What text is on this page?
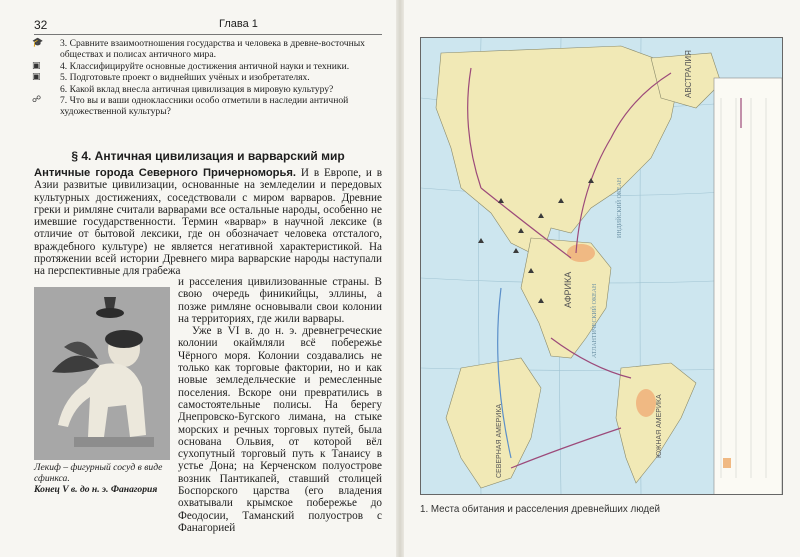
32	Глава 1
🎓 3. Сравните взаимоотношения государства и человека в древне-восточных обществах и полисах античного мира.
▣ 4. Классифицируйте основные достижения античной науки и техники.
▣ 5. Подготовьте проект о виднейших учёных и изобретателях.
6. Какой вклад внесла античная цивилизация в мировую культуру?
☍ 7. Что вы и ваши одноклассники особо отметили в наследии античной художественной культуры?
§ 4. Античная цивилизация и варварский мир
Античные города Северного Причерноморья. И в Европе, и в Азии развитые цивилизации, основанные на земледелии и передовых культурных достижениях, соседствовали с миром варваров. Древние греки и римляне считали варварами все остальные народы, особенно не имевшие государственности. Термин «варвар» в научной лексике (в отличие от бытовой лексики, где он обозначает человека отсталого, враждебного культуре) не является негативной характеристикой. На протяжении всей истории Древнего мира варварские народы наступали на перспективные для грабежа
и расселения цивилизованные страны. В свою очередь финикийцы, эллины, а позже римляне основывали свои колонии на территориях, где жили варвары.

Уже в VI в. до н. э. древнегреческие колонии окаймляли всё побережье Чёрного моря. Колонии создавались не только как торговые фактории, но и как новые земледельческие и ремесленные поселения. Вскоре они превратились в самостоятельные полисы. На берегу Днепровско-Бугского лимана, на стыке морских и речных торговых путей, была основана Ольвия, от которой вёл сухопутный торговый путь к Танаису в устье Дона; на Керченском полуострове возник Пантикапей, ставший столицей Боспорского царства (его владения охватывали крымское побережье до Феодосии, Таманский полуостров с Фанагорией
Лекиф – фигурный сосуд в виде сфинкса.
Конец V в. до н. э. Фанагория
АФРИКА
АВСТРАЛИЯ
ЮЖНАЯ АМЕРИКА
СЕВЕРНАЯ АМЕРИКА
АТЛАНТИЧЕСКИЙ ОКЕАН
ИНДИЙСКИЙ ОКЕАН
1. Места обитания и расселения древнейших людей
